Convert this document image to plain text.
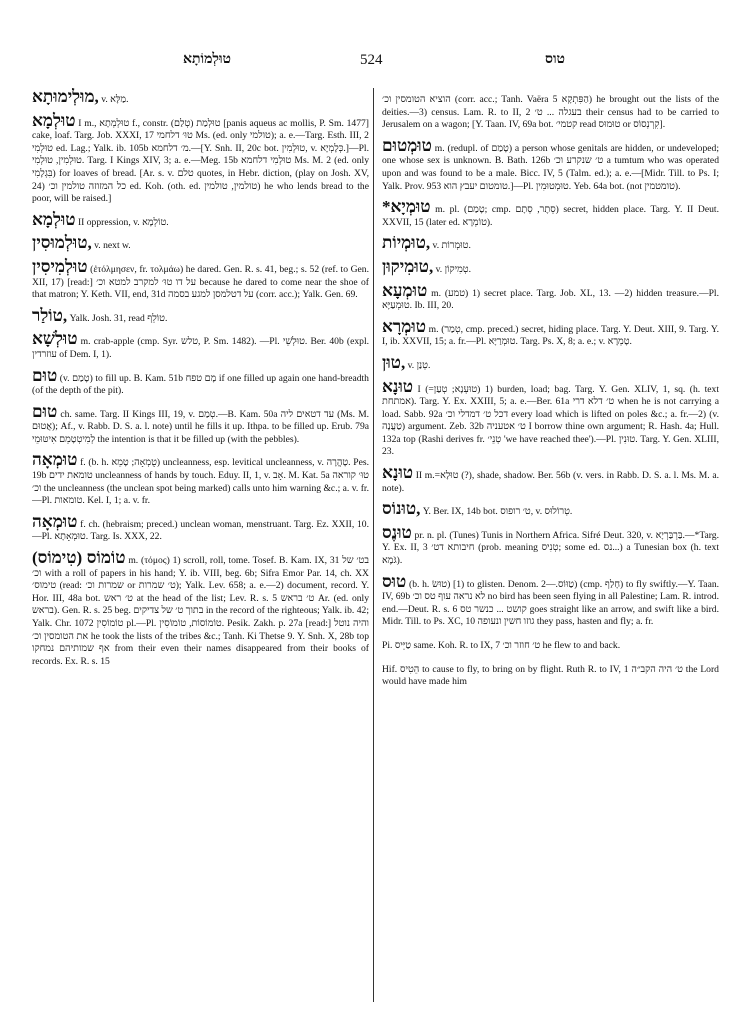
טוּלְמוֹתָא	524	טוס

מוּלְימוּתָא, v. מַלָּא.

טוּלְמָא I m., טוּלְמְתָא f., constr. טוּלְמַת (טְלַם) [panis aqueus ac mollis, P. Sm. 1477] cake, loaf. Targ. Job. XXXI, 17 טוּ׳ דלחמי Ms. (ed. only טולמי); a. e.—Targ. Esth. III, 2 טוּלְמִי ed. Lag.; Yalk. ib. 105b מ׳ דלחמא.—[Y. Snh. II, 20c bot. טוּלְמִין, v. כְּלָמְיָא.]—Pl. טוּלְמִין, טוּלְמִי. Targ. I Kings XIV, 3; a. e.—Meg. 15b טוּלְמִי דלחמא Ms. M. 2 (ed. only בִּגְלָמִי) for loaves of bread. [Ar. s. v. טלם quotes, in Hebr. diction, (play on Josh. XV, 24) כל המזוזה טולמין וכ׳ ed. Koh. (oth. ed. טולמין, טולמין) he who lends bread to the poor, will be raised.]

טוּלְמָא II oppression, v. טוֹלְמָא.

טוּלְמוּסִין, v. next w.

טוּלְמִיסִין (ἐτόλμησεν, fr. τολμάω) he dared. Gen. R. s. 41, beg.; s. 52 (ref. to Gen. XII, 17) [read:] על דו טוּ׳ למקרב למטא וכ׳ because he dared to come near the shoe of that matron; Y. Keth. VII, end, 31d על דטלמסן למגע בסמה (corr. acc.); Yalk. Gen. 69.

טוֹלַר, Yalk. Josh. 31, read טוֹלֵף.

טוּלְשָׁא m. crab-apple (cmp. Syr. טלש, P. Sm. 1482). —Pl. טוּלְשֵׁי. Ber. 40b (expl. עוזרדין of Dem. I, 1).

טוּם (v. טָמַם) to fill up. B. Kam. 51b מָם טפח if one filled up again one hand-breadth (of the depth of the pit).

טוּם ch. same. Targ. II Kings III, 19, v. טְמַם.—B. Kam. 50a עד דטאים ליה (Ms. M. אֲטוּם); Af., v. Rabb. D. S. a. l. note) until he fills it up. Ithpa. to be filled up. Erub. 79a לְמִיטְטָמֵם אִיטּוּמֵי the intention is that it be filled up (with the pebbles).

טוּמְאָה f. (b. h. טֻמְאָה; טָמֵא) uncleanness, esp. levitical uncleanness, v. טָהֳרָה. Pes. 19b טומאת ידים uncleanness of hands by touch. Eduy. II, 1, v. אָב. M. Kat. 5a טוּ׳ קוראה וכ׳ the uncleanness (the unclean spot being marked) calls unto him warning &c.; a. v. fr.—Pl. טומאות. Kel. I, 1; a. v. fr.

טוּמְאָה f. ch. (hebraism; preced.) unclean woman, menstruant. Targ. Ez. XXII, 10.—Pl. טוּמְאָתָא. Targ. Is. XXX, 22.

טוֹמוֹס (טִימוֹס) m. (τόμος) 1) scroll, roll, tome. Tosef. B. Kam. IX, 31 בט׳ של וכ׳ with a roll of papers in his hand; Y. ib. VIII, beg. 6b; Sifra Emor Par. 14, ch. XX טימוס׳ (read: שמרות וכ׳ or ט׳ שמרות); Yalk. Lev. 658; a. e.—2) document, record. Y. Hor. III, 48a bot. ט׳ ראש at the head of the list; Lev. R. s. 5 ט׳ בראש Ar. (ed. only בראש). Gen. R. s. 25 beg. בתוך ט׳ של צדיקים in the record of the righteous; Yalk. ib. 42; Yalk. Chr. 1072 טוֹמוֹסִין pl.—Pl. טוֹמוֹסוֹת, טוֹמוֹסִין. Pesik. Zakh. p. 27a [read:] והיה נוטל את הטומסין וכ׳ he took the lists of the tribes &c.; Tanh. Ki Thetse 9. Y. Snh. X, 28b top אף שמותיהם נמחקו from their even their names disappeared from their books of records. Ex. R. s. 15

הוציא הטומסין וכ׳ (corr. acc.; Tanh. Vaëra 5 הַפִּתְקָא) he brought out the lists of the deities.—3) census. Lam. R. to II, 2 בעגלה ... ט׳ their census had to be carried to Jerusalem on a wagon; [Y. Taan. IV, 69a bot. קטמי׳ read טוּמוּס or קִרְנְסוֹס].

טוּמְטוּם m. (redupl. of טָמַם) a person whose genitals are hidden, or undeveloped; one whose sex is unknown. B. Bath. 126b ט׳ שנקרע וכ׳ a tumtum who was operated upon and was found to be a male. Bicc. IV, 5 (Talm. ed.); a. e.—[Midr. Till. to Ps. I; Yalk. Prov. 953 טומטום יעבץ הוא.]—Pl. טוּמְטוּמִין. Yeb. 64a bot. (not טומטמין).

*טוּמְיָא m. pl. (טָמַם; cmp. סֵתֶר, סְתָם) secret, hidden place. Targ. Y. II Deut. XXVII, 15 (later ed. טוֹמְרָא).

טוּמְיוֹת, v. טוּמְרוֹת.

טוּמִיקוּן, v. טְמִיקוֹן.

טוּמְעָא m. (טמע) 1) secret place. Targ. Job. XL, 13. —2) hidden treasure.—Pl. טוּמְעַיָּא. Ib. III, 20.

טוּמְרָא m. (טְמַר, cmp. preced.) secret, hiding place. Targ. Y. Deut. XIII, 9. Targ. Y. I, ib. XXVII, 15; a. fr.—Pl. טוּמְרַיָּא. Targ. Ps. X, 8; a. e.; v. טָמְרָא.

טוּן, v. טְנַן.

טוּנָא I (=טוּעְנָא; טְעַן) 1) burden, load; bag. Targ. Y. Gen. XLIV, 1, sq. (h. text אמתחת). Targ. Y. Ex. XXIII, 5; a. e.—Ber. 61a ט׳ דלא דרי when he is not carrying a load. Sabb. 92a דכל ט׳ דמדלי וכ׳ every load which is lifted on poles &c.; a. fr.—2) (v. טַעֲנָה) argument. Zeb. 32b ט׳ אטעניה I borrow thine own argument; R. Hash. 4a; Hull. 132a top (Rashi derives fr. טְנֵי׳ 'we have reached thee').—Pl. טוּנִין. Targ. Y. Gen. XLIII, 23.

טוּנָא II m.=טוּלָא (?), shade, shadow. Ber. 56b (v. vers. in Rabb. D. S. a. l. Ms. M. a. note).

טוּנוֹס, Y. Ber. IX, 14b bot. ט׳ רופוס, v. טְרוֹלוּס.

טוּנֶס pr. n. pl. (Tunes) Tunis in Northern Africa. Sifré Deut. 320, v. בַּרְבַּרְיָא.—*Targ. Y. Ex. II, 3 חיבותא דט׳ (prob. meaning טְנִיס; some ed. נס...) a Tunesian box (h. text גֹּמֶא).

טוּס (b. h. טוּשׂ) [1) to glisten. Denom. טַוּוֹס.—2) (cmp. חָלַף) to fly swiftly.—Y. Taan. IV, 69b לא נראה עוף טס וכ׳ no bird has been seen flying in all Palestine; Lam. R. introd. end.—Deut. R. s. 6 קושט ... כנשר טס goes straight like an arrow, and swift like a bird. Midr. Till. to Ps. XC, 10 גוזו חשין ונעופה they pass, hasten and fly; a. fr.

Pi. טַיֵּיס same. Koh. R. to IX, 7 ט׳ חוזר וכ׳ he flew to and back.

Hif. הֵטִיס to cause to fly, to bring on by flight. Ruth R. to IV, 1 ט׳ היה הקב״ה the Lord would have made him
